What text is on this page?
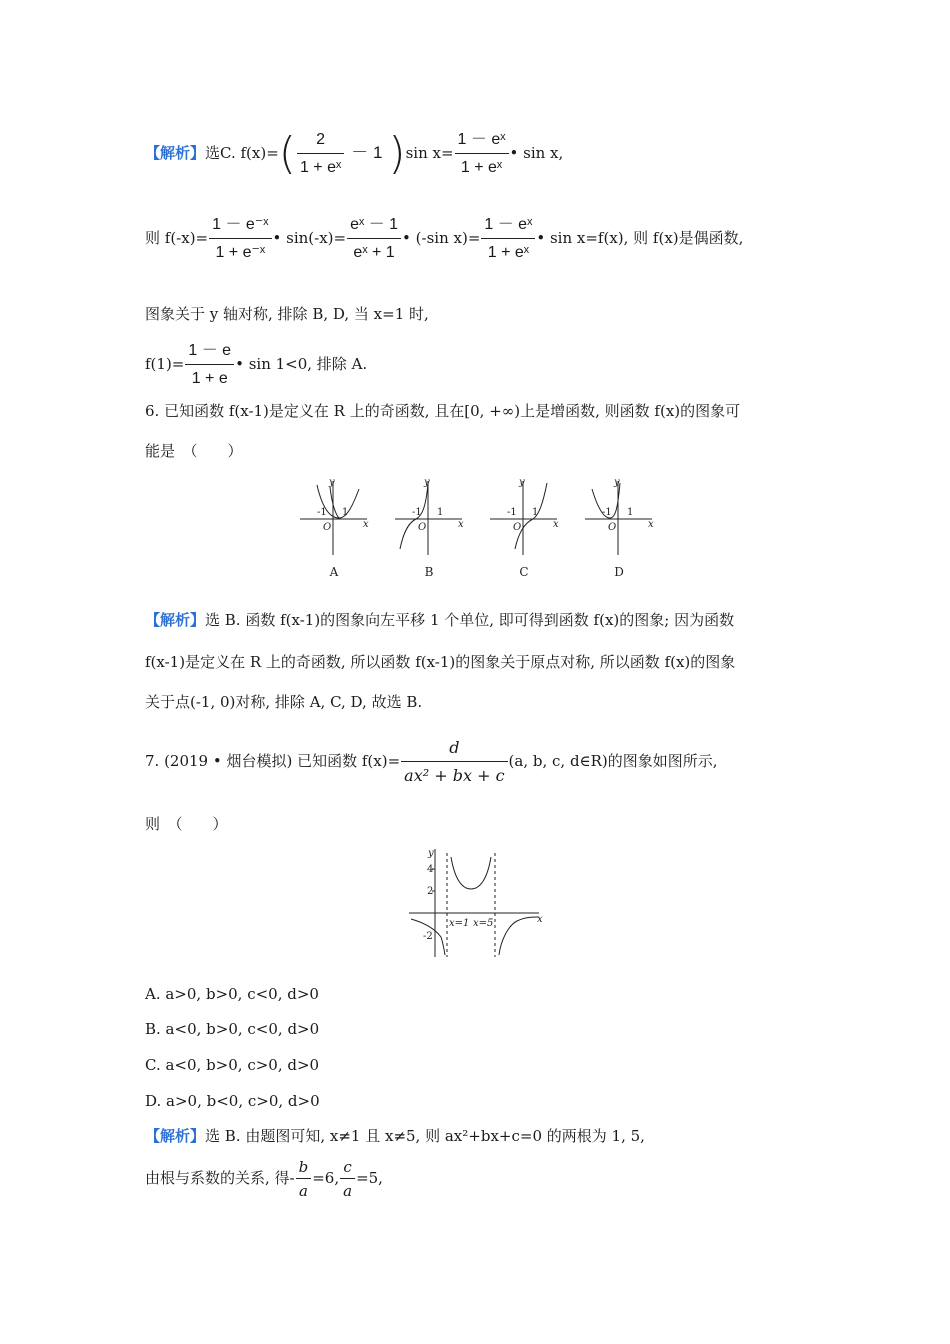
【解析】选C. $f(x)=( \frac{2}{\text{1 + eˣ}} - 1$ )sin $x= \frac{\text{1 － eˣ}}{\text{1 + eˣ}}$ • sin x,
则 $f(-x)= \frac{\text{1 － e⁻ˣ}}{\text{1 + e⁻ˣ}}$ • $\sin(-x)= \frac{\text{eˣ － 1}}{\text{eˣ + 1}}$ • (-sin $x)= \frac{\text{1 － eˣ}}{\text{1 + eˣ}}$ • sin x=f(x), 则 f(x)是偶函数,
图象关于 y 轴对称, 排除 B, D, 当 x=1 时,
$f(1)= \frac{1 - e}{1 + e}$ • sin 1<0, 排除 A.
6. 已知函数 f(x-1)是定义在 R 上的奇函数, 且在[0, +∞)上是增函数, 则函数 f(x)的图象可
能是　（　　）
y
x
O
-1 1
y
x
O
-1 1
y
x
O
-1 1
y
x
O
-1 1
A	B	C	D
【解析】选 B. 函数 f(x-1)的图象向左平移 1 个单位, 即可得到函数 f(x)的图象; 因为函数
f(x-1)是定义在 R 上的奇函数, 所以函数 f(x-1)的图象关于原点对称, 所以函数 f(x)的图象
关于点(-1, 0)对称, 排除 A, C, D, 故选 B.
7. (2019 • 烟台模拟) 已知函数 $f(x)= \frac{d}{\text{ax² + bx + c}} (a$, b, c, d∈R)的图象如图所示,
则　（　　）
y
x
4
2
-2
x=1 x=5
A. a>0, b>0, c<0, d>0
B. a<0, b>0, c<0, d>0
C. a<0, b>0, c>0, d>0
D. a>0, b<0, c>0, d>0
【解析】选 B. 由题图可知, x≠1 且 x≠5, 则 ax²+bx+c=0 的两根为 1, 5,
由根与系数的关系, 得- $\frac{b}{a} =6$, $\frac{c}{a} =5$,
